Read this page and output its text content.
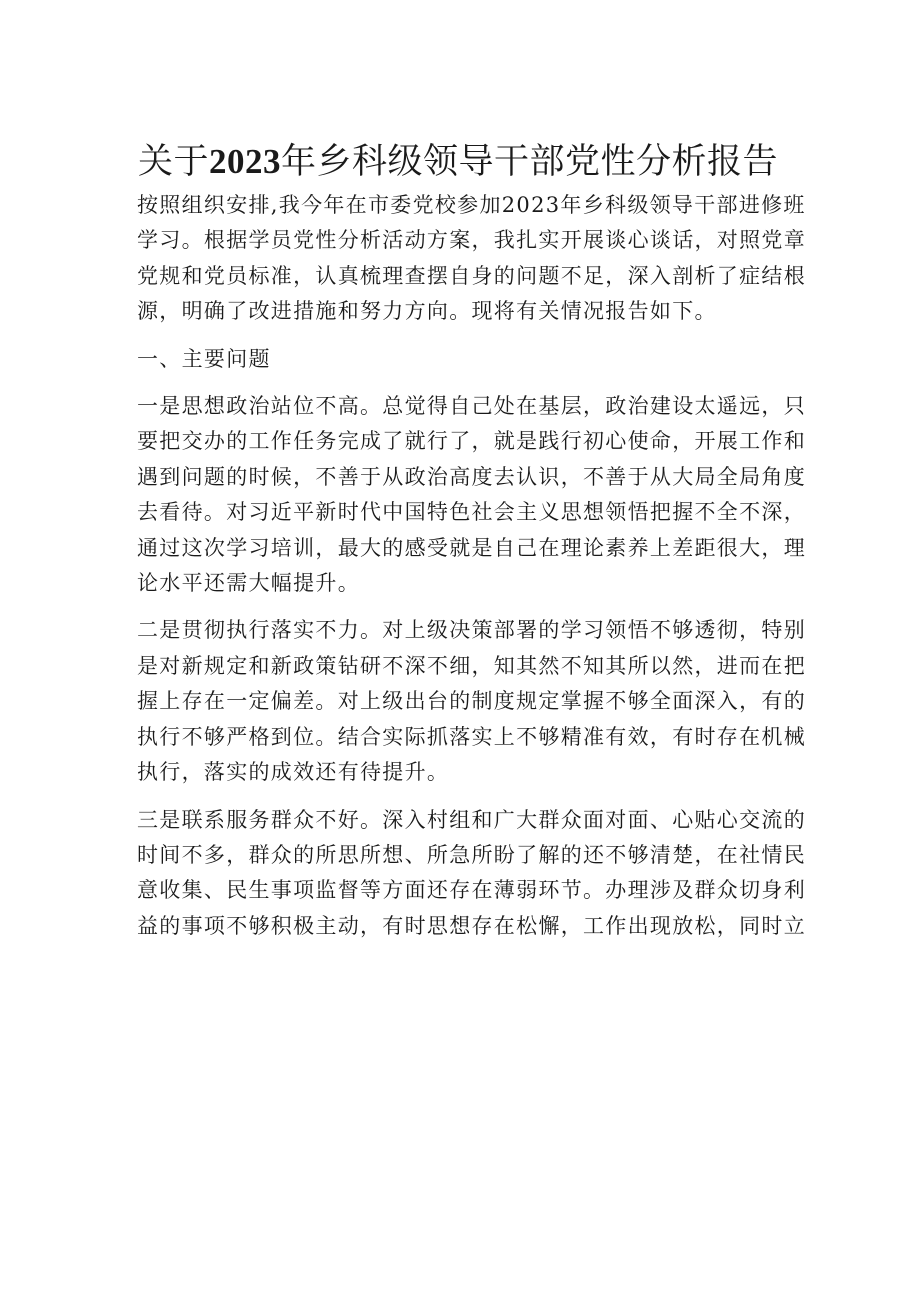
关于2023年乡科级领导干部党性分析报告
按照组织安排,我今年在市委党校参加2023年乡科级领导干部进修班
学习。根据学员党性分析活动方案，我扎实开展谈心谈话，对照党章
党规和党员标准，认真梳理查摆自身的问题不足，深入剖析了症结根
源，明确了改进措施和努力方向。现将有关情况报告如下。

一、主要问题

一是思想政治站位不高。总觉得自己处在基层，政治建设太遥远，只
要把交办的工作任务完成了就行了，就是践行初心使命，开展工作和
遇到问题的时候，不善于从政治高度去认识，不善于从大局全局角度
去看待。对习近平新时代中国特色社会主义思想领悟把握不全不深，
通过这次学习培训，最大的感受就是自己在理论素养上差距很大，理
论水平还需大幅提升。
二是贯彻执行落实不力。对上级决策部署的学习领悟不够透彻，特别
是对新规定和新政策钻研不深不细，知其然不知其所以然，进而在把
握上存在一定偏差。对上级出台的制度规定掌握不够全面深入，有的
执行不够严格到位。结合实际抓落实上不够精准有效，有时存在机械
执行，落实的成效还有待提升。
三是联系服务群众不好。深入村组和广大群众面对面、心贴心交流的
时间不多，群众的所思所想、所急所盼了解的还不够清楚，在社情民
意收集、民生事项监督等方面还存在薄弱环节。办理涉及群众切身利
益的事项不够积极主动，有时思想存在松懈，工作出现放松，同时立
